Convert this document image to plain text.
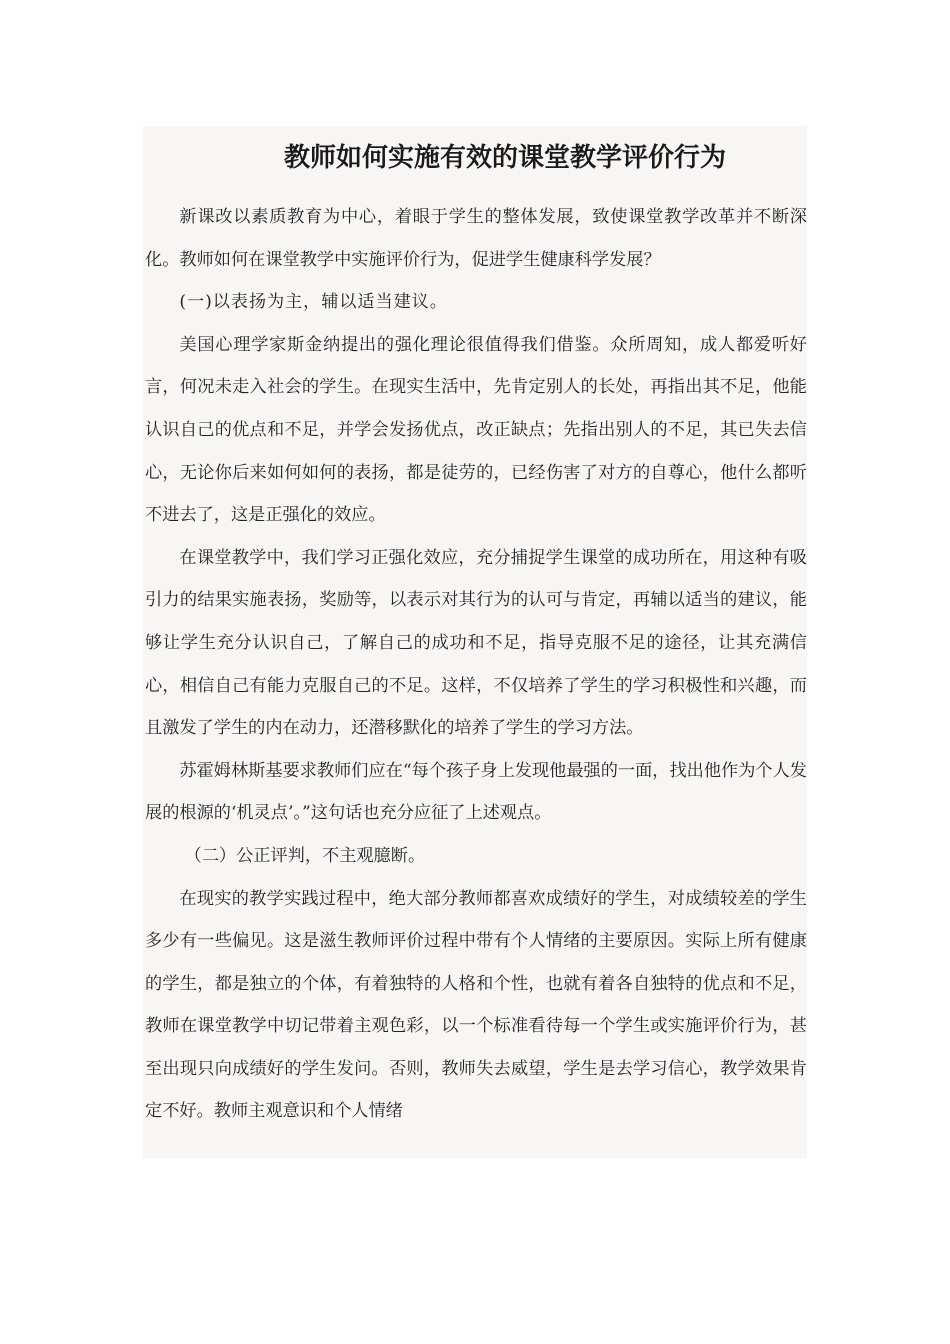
教师如何实施有效的课堂教学评价行为

新课改以素质教育为中心，着眼于学生的整体发展，致使课堂教学改革并不断深化。教师如何在课堂教学中实施评价行为，促进学生健康科学发展？

(一)以表扬为主，辅以适当建议。

美国心理学家斯金纳提出的强化理论很值得我们借鉴。众所周知，成人都爱听好言，何况未走入社会的学生。在现实生活中，先肯定别人的长处，再指出其不足，他能认识自己的优点和不足，并学会发扬优点，改正缺点；先指出别人的不足，其已失去信心，无论你后来如何如何的表扬，都是徒劳的，已经伤害了对方的自尊心，他什么都听不进去了，这是正强化的效应。

在课堂教学中，我们学习正强化效应，充分捕捉学生课堂的成功所在，用这种有吸引力的结果实施表扬，奖励等，以表示对其行为的认可与肯定，再辅以适当的建议，能够让学生充分认识自己，了解自己的成功和不足，指导克服不足的途径，让其充满信心，相信自己有能力克服自己的不足。这样，不仅培养了学生的学习积极性和兴趣，而且激发了学生的内在动力，还潜移默化的培养了学生的学习方法。

苏霍姆林斯基要求教师们应在“每个孩子身上发现他最强的一面，找出他作为个人发展的根源的‘机灵点’。”这句话也充分应征了上述观点。

（二）公正评判，不主观臆断。

在现实的教学实践过程中，绝大部分教师都喜欢成绩好的学生，对成绩较差的学生多少有一些偏见。这是滋生教师评价过程中带有个人情绪的主要原因。实际上所有健康的学生，都是独立的个体，有着独特的人格和个性，也就有着各自独特的优点和不足，教师在课堂教学中切记带着主观色彩，以一个标准看待每一个学生或实施评价行为，甚至出现只向成绩好的学生发问。否则，教师失去威望，学生是去学习信心，教学效果肯定不好。教师主观意识和个人情绪
